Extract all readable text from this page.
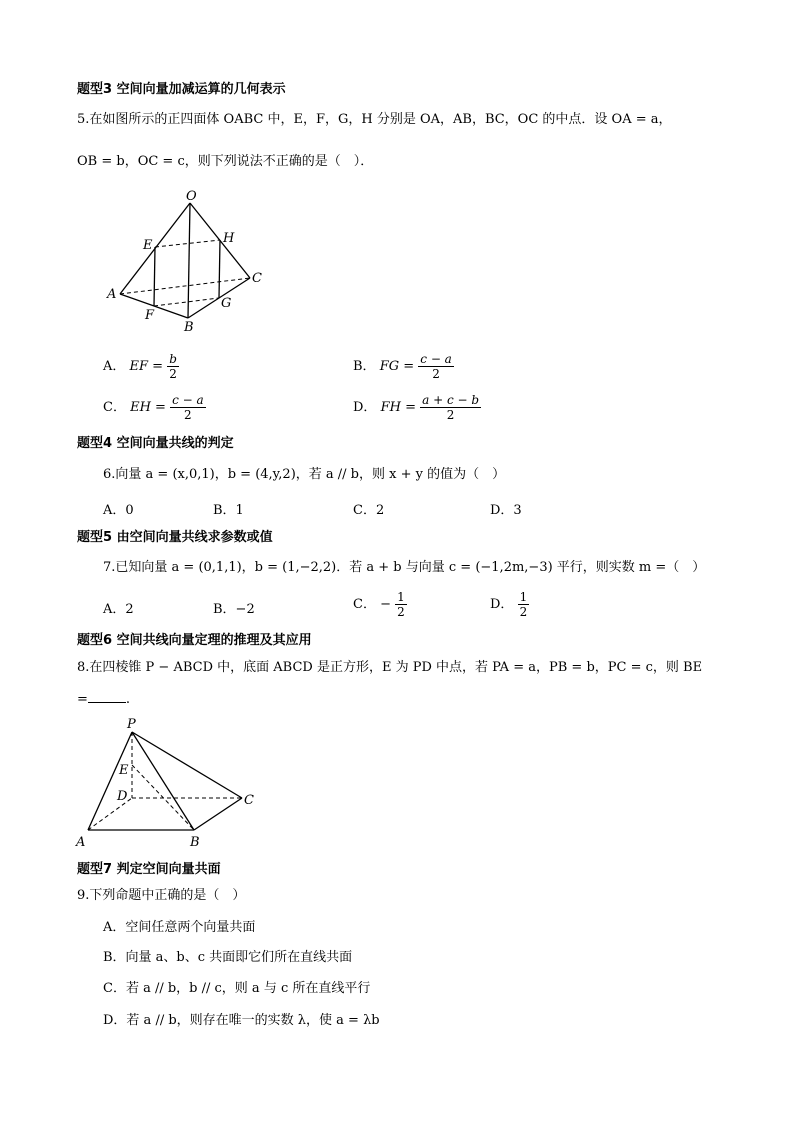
题型3 空间向量加减运算的几何表示
5.在如图所示的正四面体 OABC 中，E，F，G，H 分别是 OA，AB，BC，OC 的中点．设 OA = a，
OB = b，OC = c，则下列说法不正确的是（　）．
O
E	H
A
C
G
F
B
A． EF = $\frac{b}{2}$	B． FG = $\frac{c - a}{2}$
C． EH = $\frac{c - a}{2}$	D． FH = $\frac{a + c - b}{2}$
题型4 空间向量共线的判定
6.向量 a = (x,0,1)，b = (4,y,2)，若 a // b，则 x + y 的值为（　）
A．0	B．1	C．2	D．3
题型5 由空间向量共线求参数或值
7.已知向量 a = (0,1,1)，b = (1,−2,2)．若 a + b 与向量 c = (−1,2m,−3) 平行，则实数 m =（　）
A．2	B．−2	C． − $\frac{1}{2}$	D． $\frac{1}{2}$
题型6 空间共线向量定理的推理及其应用
8.在四棱锥 P − ABCD 中，底面 ABCD 是正方形，E 为 PD 中点，若 PA = a，PB = b，PC = c，则 BE
=	.
P
E
D	C
A	B
题型7 判定空间向量共面
9.下列命题中正确的是（　）
A．空间任意两个向量共面
B．向量 a、b、c 共面即它们所在直线共面
C．若 a // b，b // c，则 a 与 c 所在直线平行
D．若 a // b，则存在唯一的实数 λ，使 a = λb
